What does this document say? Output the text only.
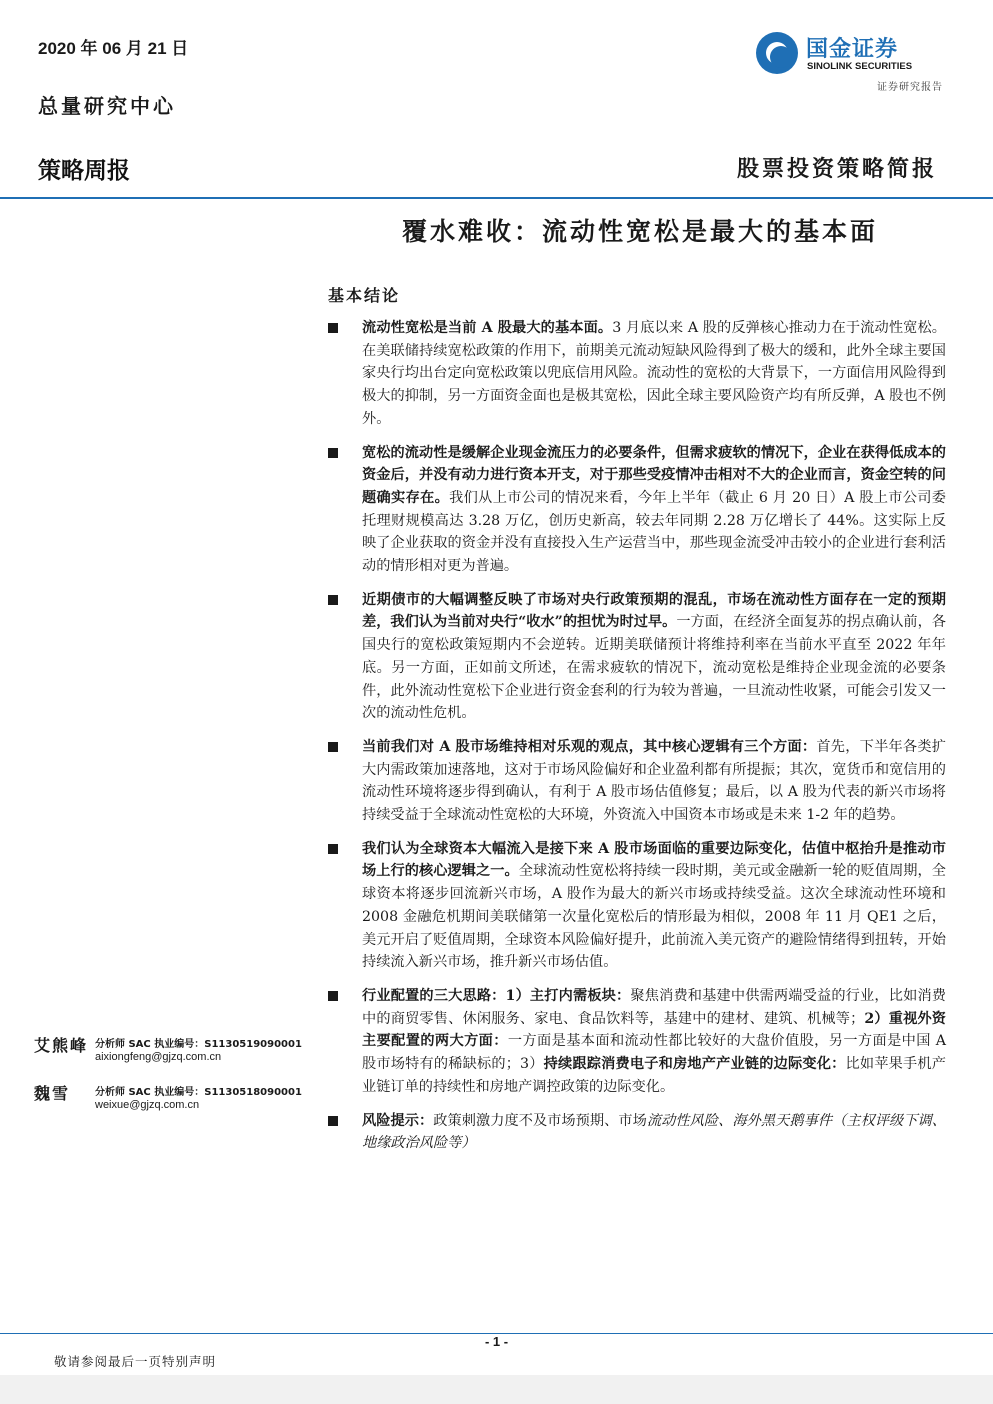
2020 年 06 月 21 日
总量研究中心
国金证券
SINOLINK SECURITIES
证券研究报告
策略周报	股票投资策略简报
覆水难收：流动性宽松是最大的基本面
基本结论
流动性宽松是当前 A 股最大的基本面。3 月底以来 A 股的反弹核心推动力在于流动性宽松。在美联储持续宽松政策的作用下，前期美元流动短缺风险得到了极大的缓和，此外全球主要国家央行均出台定向宽松政策以兜底信用风险。流动性的宽松的大背景下，一方面信用风险得到极大的抑制，另一方面资金面也是极其宽松，因此全球主要风险资产均有所反弹，A 股也不例外。
宽松的流动性是缓解企业现金流压力的必要条件，但需求疲软的情况下，企业在获得低成本的资金后，并没有动力进行资本开支，对于那些受疫情冲击相对不大的企业而言，资金空转的问题确实存在。我们从上市公司的情况来看，今年上半年（截止 6 月 20 日）A 股上市公司委托理财规模高达 3.28 万亿，创历史新高，较去年同期 2.28 万亿增长了 44%。这实际上反映了企业获取的资金并没有直接投入生产运营当中，那些现金流受冲击较小的企业进行套利活动的情形相对更为普遍。
近期债市的大幅调整反映了市场对央行政策预期的混乱，市场在流动性方面存在一定的预期差，我们认为当前对央行“收水”的担忧为时过早。一方面，在经济全面复苏的拐点确认前，各国央行的宽松政策短期内不会逆转。近期美联储预计将维持利率在当前水平直至 2022 年年底。另一方面，正如前文所述，在需求疲软的情况下，流动宽松是维持企业现金流的必要条件，此外流动性宽松下企业进行资金套利的行为较为普遍，一旦流动性收紧，可能会引发又一次的流动性危机。
当前我们对 A 股市场维持相对乐观的观点，其中核心逻辑有三个方面：首先，下半年各类扩大内需政策加速落地，这对于市场风险偏好和企业盈利都有所提振；其次，宽货币和宽信用的流动性环境将逐步得到确认，有利于 A 股市场估值修复；最后，以 A 股为代表的新兴市场将持续受益于全球流动性宽松的大环境，外资流入中国资本市场或是未来 1-2 年的趋势。
我们认为全球资本大幅流入是接下来 A 股市场面临的重要边际变化，估值中枢抬升是推动市场上行的核心逻辑之一。全球流动性宽松将持续一段时期，美元或金融新一轮的贬值周期，全球资本将逐步回流新兴市场，A 股作为最大的新兴市场或持续受益。这次全球流动性环境和 2008 金融危机期间美联储第一次量化宽松后的情形最为相似，2008 年 11 月 QE1 之后，美元开启了贬值周期，全球资本风险偏好提升，此前流入美元资产的避险情绪得到扭转，开始持续流入新兴市场，推升新兴市场估值。
行业配置的三大思路：1）主打内需板块：聚焦消费和基建中供需两端受益的行业，比如消费中的商贸零售、休闲服务、家电、食品饮料等，基建中的建材、建筑、机械等；2）重视外资主要配置的两大方面：一方面是基本面和流动性都比较好的大盘价值股，另一方面是中国 A 股市场特有的稀缺标的；3）持续跟踪消费电子和房地产产业链的边际变化：比如苹果手机产业链订单的持续性和房地产调控政策的边际变化。
风险提示：政策刺激力度不及市场预期、市场流动性风险、海外黑天鹅事件（主权评级下调、地缘政治风险等）
艾熊峰 分析师 SAC 执业编号：S1130519090001
aixiongfeng@gjzq.com.cn
魏雪 分析师 SAC 执业编号：S1130518090001
weixue@gjzq.com.cn
- 1 -
敬请参阅最后一页特别声明
